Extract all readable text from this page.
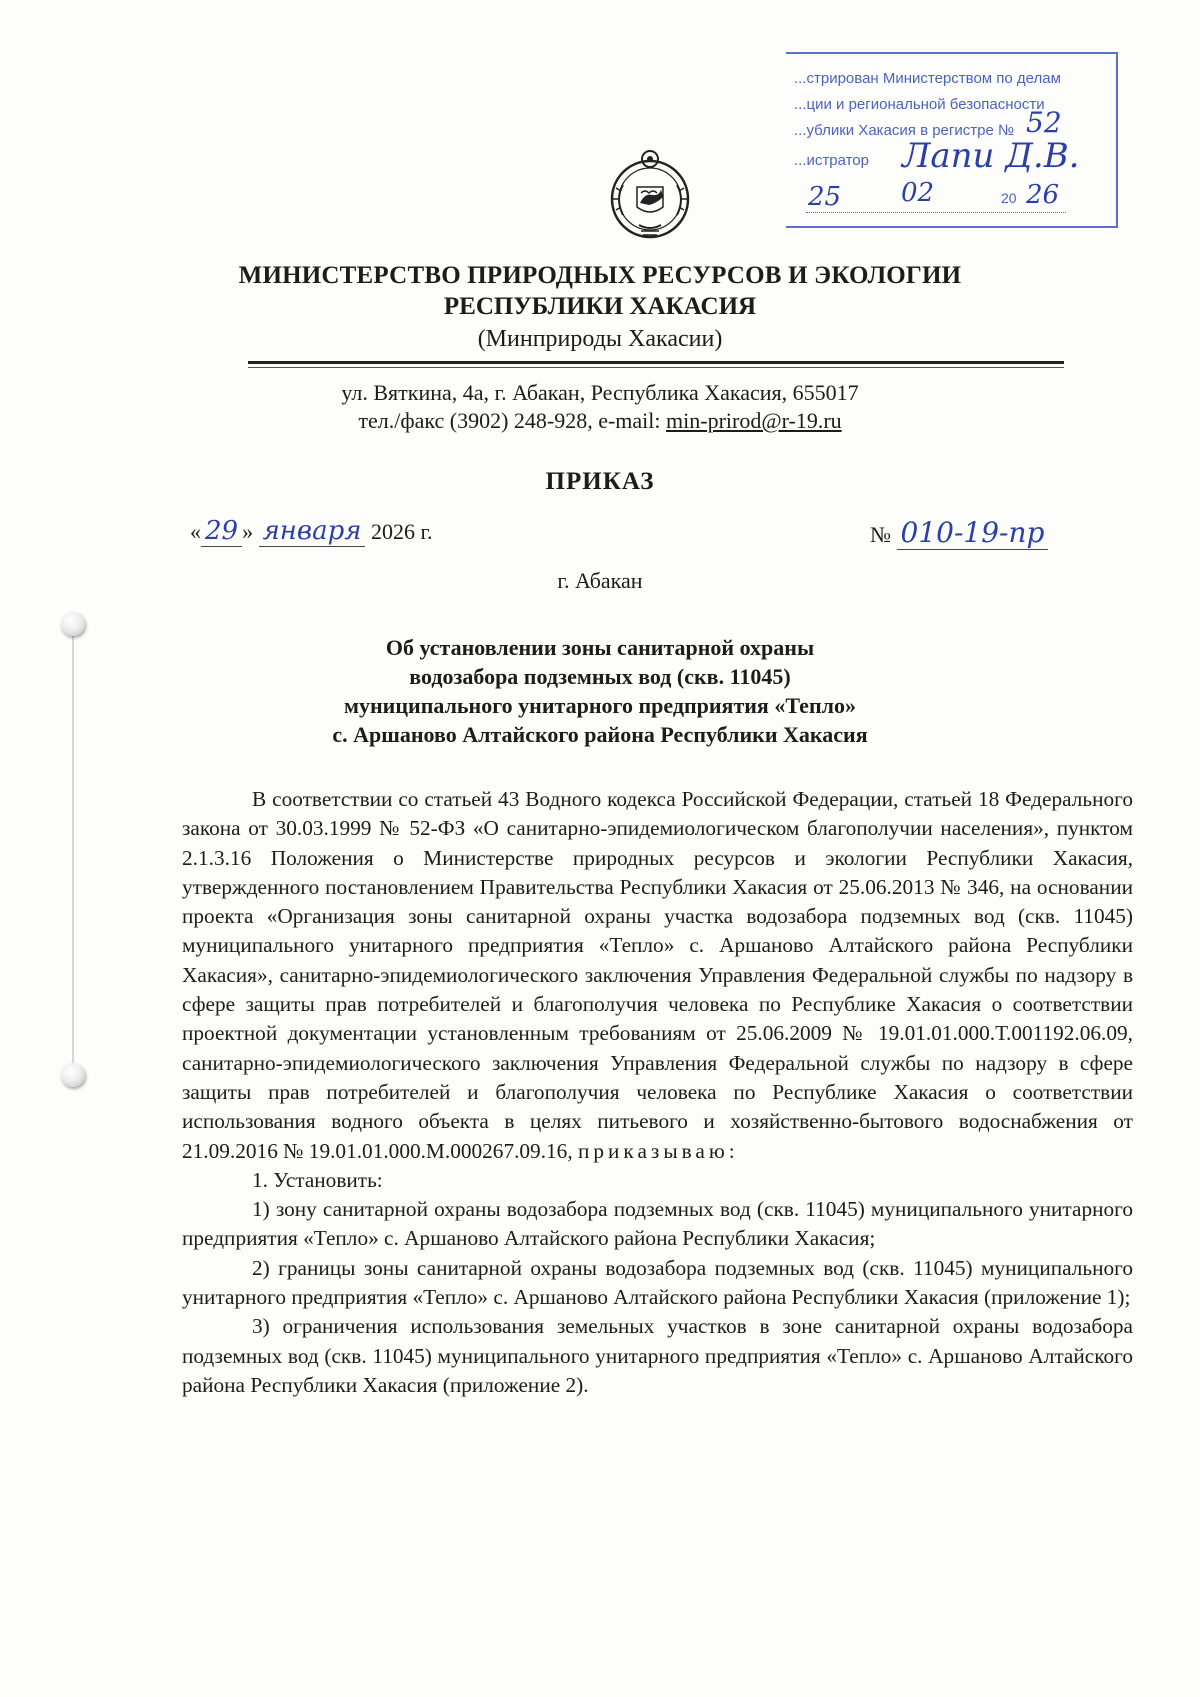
...стрирован Министерством по делам
...ции и региональной безопасности
...ублики Хакасия в регистре № 52
...истратор Лапи Д.В.
25 02	20 26
МИНИСТЕРСТВО ПРИРОДНЫХ РЕСУРСОВ И ЭКОЛОГИИ
РЕСПУБЛИКИ ХАКАСИЯ
(Минприроды Хакасии)
ул. Вяткина, 4а, г. Абакан, Республика Хакасия, 655017
тел./факс (3902) 248-928, e-mail: min-prirod@r-19.ru
ПРИКАЗ
« 29 » января 2026 г.	№ 010-19-пр
г. Абакан
Об установлении зоны санитарной охраны
водозабора подземных вод (скв. 11045)
муниципального унитарного предприятия «Тепло»
с. Аршаново Алтайского района Республики Хакасия

В соответствии со статьей 43 Водного кодекса Российской Федерации, статьей 18 Федерального закона от 30.03.1999 № 52-ФЗ «О санитарно-эпидемиологическом благополучии населения», пунктом 2.1.3.16 Положения о Министерстве природных ресурсов и экологии Республики Хакасия, утвержденного постановлением Правительства Республики Хакасия от 25.06.2013 № 346, на основании проекта «Организация зоны санитарной охраны участка водозабора подземных вод (скв. 11045) муниципального унитарного предприятия «Тепло» с. Аршаново Алтайского района Республики Хакасия», санитарно-эпидемиологического заключения Управления Федеральной службы по надзору в сфере защиты прав потребителей и благополучия человека по Республике Хакасия о соответствии проектной документации установленным требованиям от 25.06.2009 № 19.01.01.000.Т.001192.06.09, санитарно-эпидемиологического заключения Управления Федеральной службы по надзору в сфере защиты прав потребителей и благополучия человека по Республике Хакасия о соответствии использования водного объекта в целях питьевого и хозяйственно-бытового водоснабжения от 21.09.2016 № 19.01.01.000.М.000267.09.16, приказываю:

1. Установить:

1) зону санитарной охраны водозабора подземных вод (скв. 11045) муниципального унитарного предприятия «Тепло» с. Аршаново Алтайского района Республики Хакасия;

2) границы зоны санитарной охраны водозабора подземных вод (скв. 11045) муниципального унитарного предприятия «Тепло» с. Аршаново Алтайского района Республики Хакасия (приложение 1);

3) ограничения использования земельных участков в зоне санитарной охраны водозабора подземных вод (скв. 11045) муниципального унитарного предприятия «Тепло» с. Аршаново Алтайского района Республики Хакасия (приложение 2).
